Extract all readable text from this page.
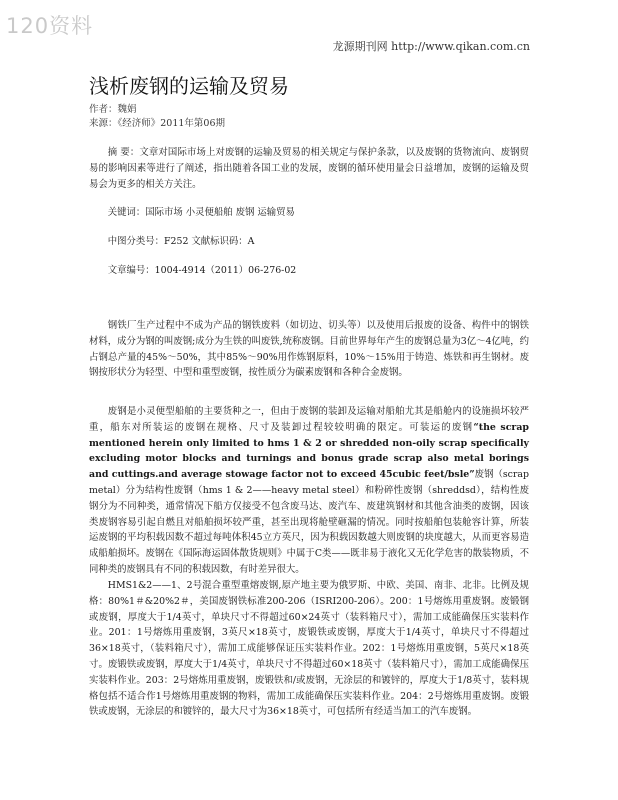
120资料
龙源期刊网 http://www.qikan.com.cn
浅析废钢的运输及贸易
作者：魏娟
来源：《经济师》2011年第06期

摘 要：文章对国际市场上对废钢的运输及贸易的相关规定与保护条款，以及废钢的货物流向、废钢贸易的影响因素等进行了阐述，指出随着各国工业的发展，废钢的循环使用量会日益增加，废钢的运输及贸易会为更多的相关方关注。

关键词：国际市场 小灵便船舶 废钢 运输贸易

中图分类号：F252 文献标识码：A

文章编号：1004-4914（2011）06-276-02

钢铁厂生产过程中不成为产品的钢铁废料（如切边、切头等）以及使用后报废的设备、构件中的钢铁材料，成分为钢的叫废钢;成分为生铁的叫废铁,统称废钢。目前世界每年产生的废钢总量为3亿～4亿吨，约占钢总产量的45%～50%，其中85%～90%用作炼钢原料，10%～15%用于铸造、炼铁和再生钢材。废钢按形状分为轻型、中型和重型废钢，按性质分为碳素废钢和各种合金废钢。

废钢是小灵便型船舶的主要货种之一，但由于废钢的装卸及运输对船舶尤其是船舱内的设施损坏较严重，船东对所装运的废钢在规格、尺寸及装卸过程较较明确的限定。可装运的废钢“the scrap mentioned herein only limited to hms 1 & 2 or shredded non-oily scrap specifically excluding motor blocks and turnings and bonus grade scrap also metal borings and cuttings.and average stowage factor not to exceed 45cubic feet/bsle”废钢（scrap metal）分为结构性废钢（hms 1 & 2——heavy metal steel）和粉碎性废钢（shreddsd），结构性废钢分为不同种类，通常情况下船方仅接受不包含废马达、废汽车、废建筑钢材和其他含油类的废钢，因该类废钢容易引起自燃且对船舶损坏较严重，甚至出现将舱壁砸漏的情况。同时按船舶包装舱容计算，所装运废钢的平均积载因数不超过每吨体积45立方英尺，因为积载因数越大则废钢的块度越大，从而更容易造成船舶损坏。废钢在《国际海运固体散货规则》中属于C类——既非易于液化又无化学危害的散装物质，不同种类的废钢具有不同的积载因数，有时差异很大。

HMS1&2——1、2号混合重型重熔废钢,原产地主要为俄罗斯、中欧、美国、南非、北非。比例及规格：80%1＃&20%2＃，美国废钢铁标准200-206（ISRI200-206）。200：1号熔炼用重废钢。废锻钢或废钢，厚度大于1/4英寸，单块尺寸不得超过60×24英寸（装料箱尺寸），需加工成能确保压实装料作业。201：1号熔炼用重废钢，3英尺×18英寸，废锻铁或废钢，厚度大于1/4英寸，单块尺寸不得超过36×18英寸，（装料箱尺寸），需加工成能够保证压实装料作业。202：1号熔炼用重废钢，5英尺×18英寸。废锻铁或废钢，厚度大于1/4英寸，单块尺寸不得超过60×18英寸（装料箱尺寸），需加工成能确保压实装料作业。203：2号熔炼用重废钢，废锻铁和/或废钢，无涂层的和镀锌的，厚度大于1/8英寸，装料规格包括不适合作1号熔炼用重废钢的物料，需加工成能确保压实装料作业。204：2号熔炼用重废钢。废锻铁或废钢，无涂层的和镀锌的，最大尺寸为36×18英寸，可包括所有经适当加工的汽车废钢。
